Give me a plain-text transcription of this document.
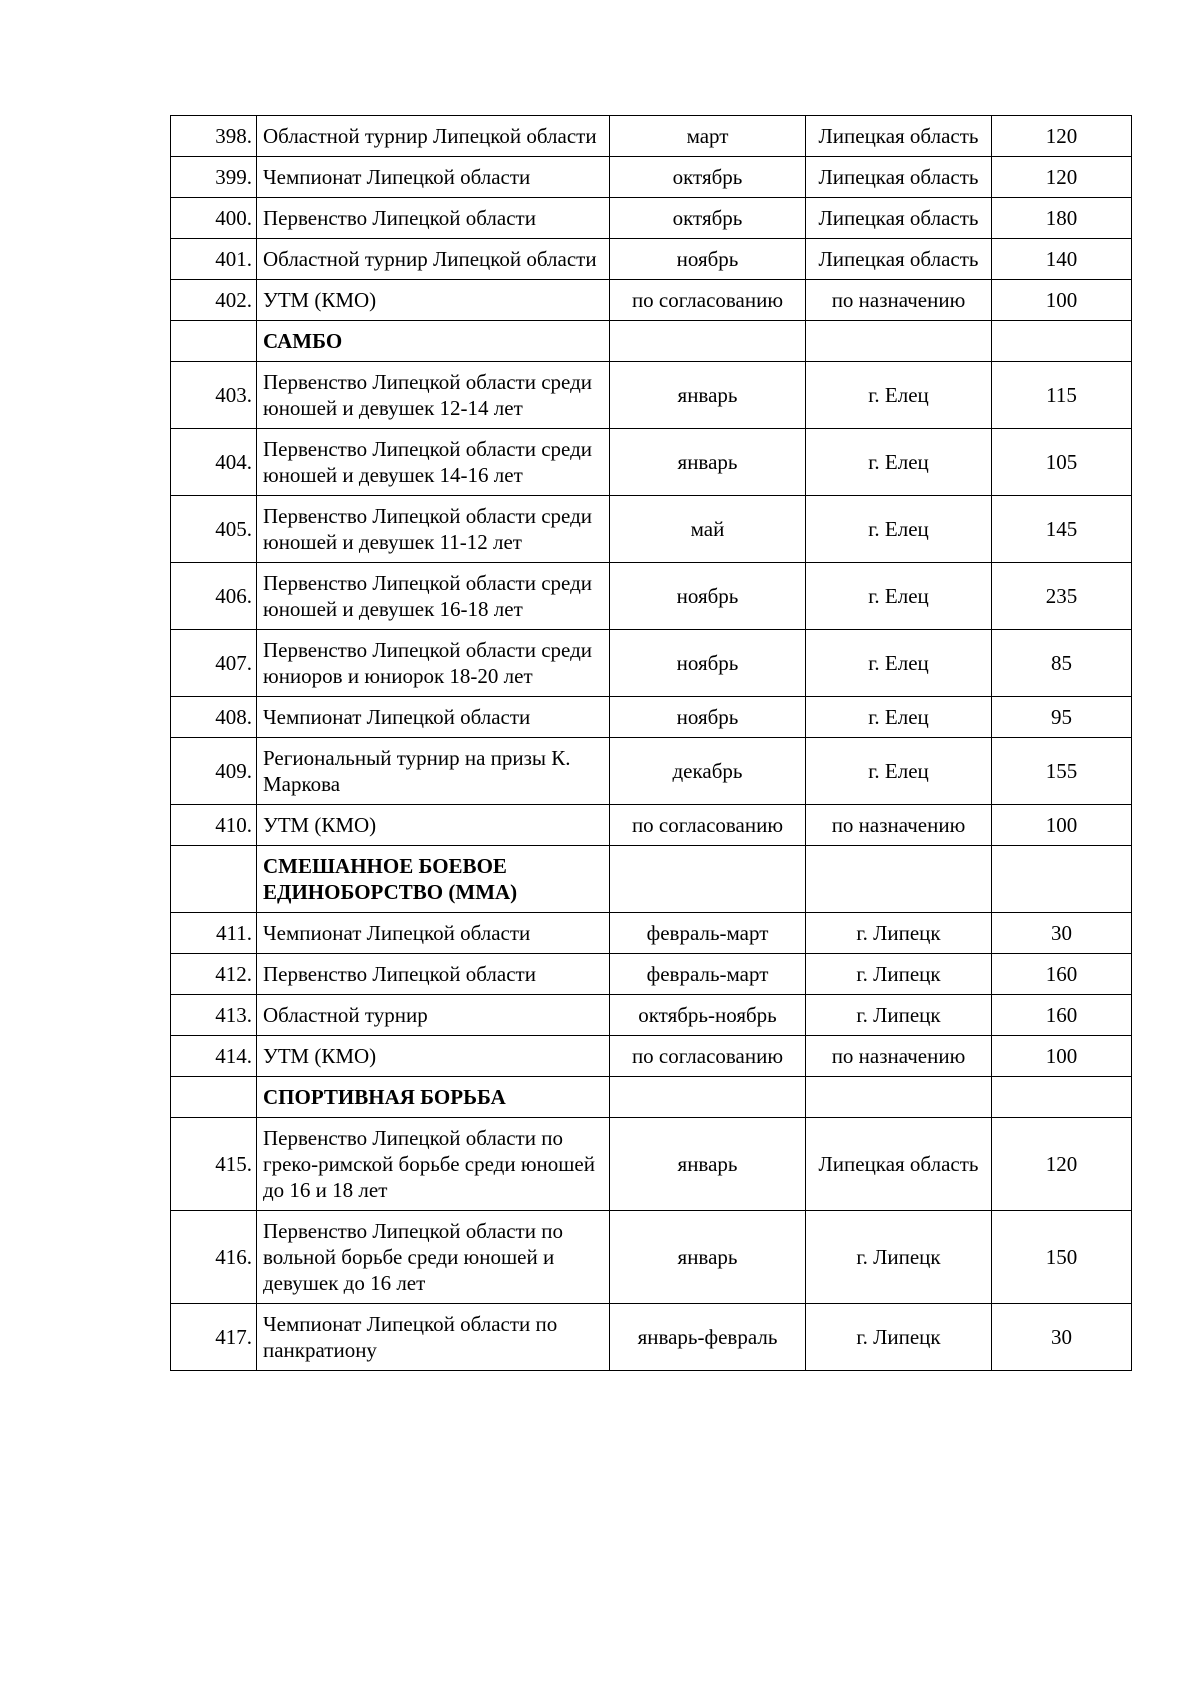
398.	Областной турнир Липецкой области	март	Липецкая область	120
399.	Чемпионат Липецкой области	октябрь	Липецкая область	120
400.	Первенство Липецкой области	октябрь	Липецкая область	180
401.	Областной турнир Липецкой области	ноябрь	Липецкая область	140
402.	УТМ (КМО)	по согласованию	по назначению	100
	САМБО			
403.	Первенство Липецкой области среди юношей и девушек 12-14 лет	январь	г. Елец	115
404.	Первенство Липецкой области среди юношей и девушек 14-16 лет	январь	г. Елец	105
405.	Первенство Липецкой области среди юношей и девушек 11-12 лет	май	г. Елец	145
406.	Первенство Липецкой области среди юношей и девушек 16-18 лет	ноябрь	г. Елец	235
407.	Первенство Липецкой области среди юниоров и юниорок 18-20 лет	ноябрь	г. Елец	85
408.	Чемпионат Липецкой области	ноябрь	г. Елец	95
409.	Региональный турнир на призы К. Маркова	декабрь	г. Елец	155
410.	УТМ (КМО)	по согласованию	по назначению	100
	СМЕШАННОЕ БОЕВОЕ ЕДИНОБОРСТВО (ММА)			
411.	Чемпионат Липецкой области	февраль-март	г. Липецк	30
412.	Первенство Липецкой области	февраль-март	г. Липецк	160
413.	Областной турнир	октябрь-ноябрь	г. Липецк	160
414.	УТМ (КМО)	по согласованию	по назначению	100
	СПОРТИВНАЯ БОРЬБА			
415.	Первенство Липецкой области по греко-римской борьбе среди юношей до 16 и 18 лет	январь	Липецкая область	120
416.	Первенство Липецкой области по вольной борьбе среди юношей и девушек до 16 лет	январь	г. Липецк	150
417.	Чемпионат Липецкой области по панкратиону	январь-февраль	г. Липецк	30
